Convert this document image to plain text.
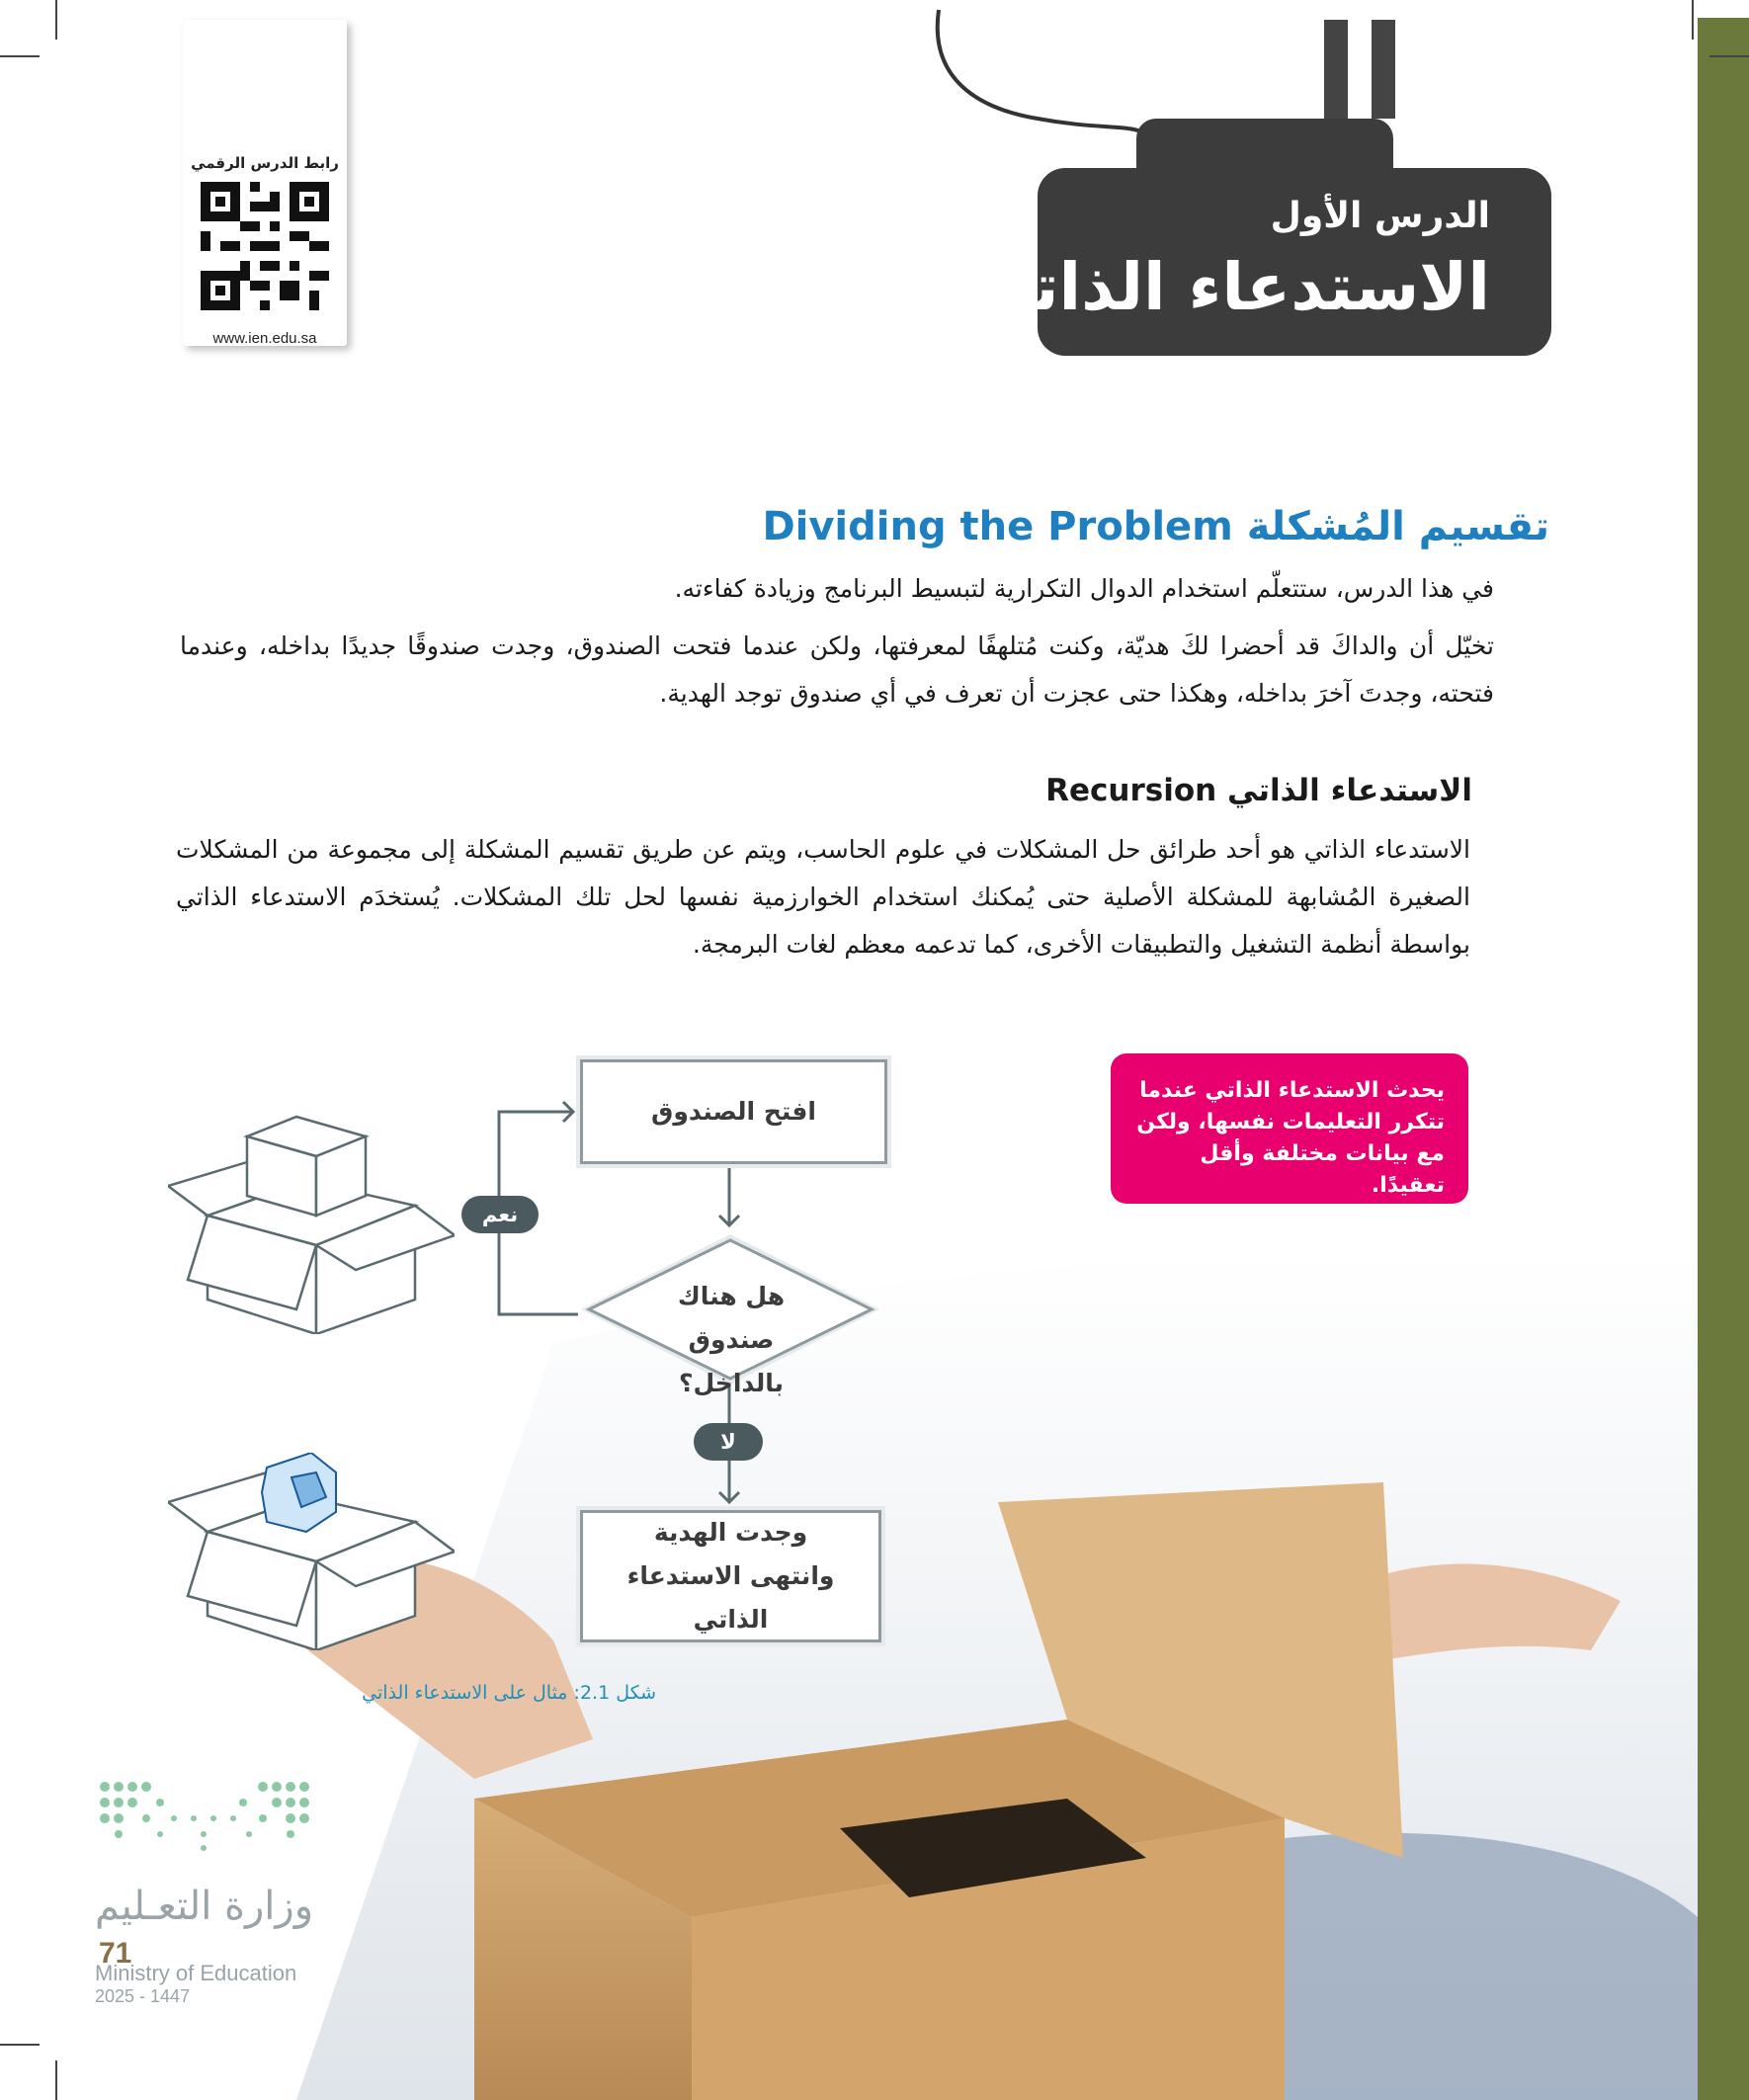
رابط الدرس الرقمي
www.ien.edu.sa
الدرس الأول
الاستدعاء الذاتي
تقسيم المُشكلة Dividing the Problem
في هذا الدرس، ستتعلّم استخدام الدوال التكرارية لتبسيط البرنامج وزيادة كفاءته.
تخيّل أن والداكَ قد أحضرا لكَ هديّة، وكنت مُتلهفًا لمعرفتها، ولكن عندما فتحت الصندوق، وجدت صندوقًا جديدًا بداخله، وعندما فتحته، وجدتَ آخرَ بداخله، وهكذا حتى عجزت أن تعرف في أي صندوق توجد الهدية.
الاستدعاء الذاتي Recursion
الاستدعاء الذاتي هو أحد طرائق حل المشكلات في علوم الحاسب، ويتم عن طريق تقسيم المشكلة إلى مجموعة من المشكلات الصغيرة المُشابهة للمشكلة الأصلية حتى يُمكنك استخدام الخوارزمية نفسها لحل تلك المشكلات. يُستخدَم الاستدعاء الذاتي بواسطة أنظمة التشغيل والتطبيقات الأخرى، كما تدعمه معظم لغات البرمجة.
يحدث الاستدعاء الذاتي عندما تتكرر التعليمات نفسها، ولكن مع بيانات مختلفة وأقل تعقيدًا.
افتح الصندوق
هل هناك صندوق بالداخل؟
نعم
لا
وجدت الهدية وانتهى الاستدعاء الذاتي
شكل 2.1: مثال على الاستدعاء الذاتي
وزارة التعـليم
71
Ministry of Education
2025 - 1447
